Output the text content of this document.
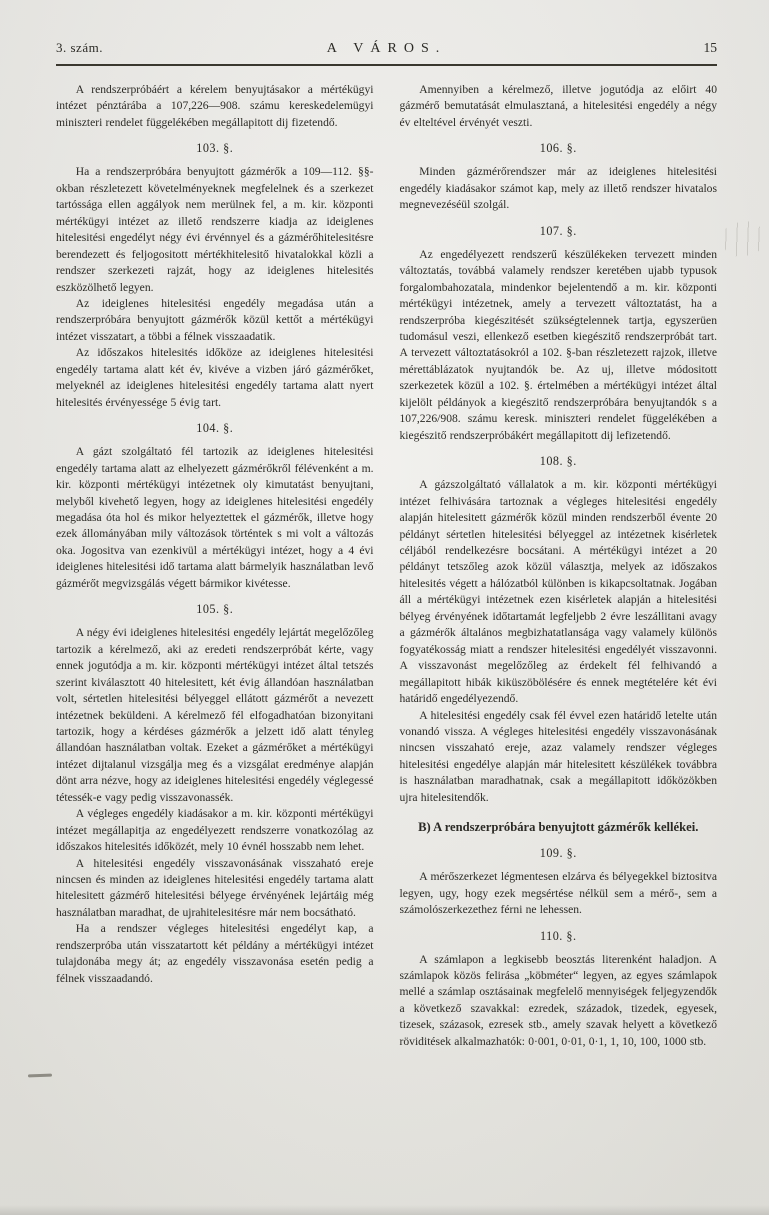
3. szám.	A VÁROS.	15

A rendszerpróbáért a kérelem benyujtásakor a mértékügyi intézet pénztárába a 107,226—908. számu kereskedelemügyi miniszteri rendelet függelékében megállapitott dij fizetendő.

103. §.

Ha a rendszerpróbára benyujtott gázmérők a 109—112. §§-okban részletezett követelményeknek megfelelnek és a szerkezet tartóssága ellen aggályok nem merülnek fel, a m. kir. központi mértékügyi intézet az illető rendszerre kiadja az ideiglenes hitelesitési engedélyt négy évi érvénnyel és a gázmérőhitelesitésre berendezett és feljogositott mértékhitelesitő hivatalokkal közli a rendszer szerkezeti rajzát, hogy az ideiglenes hitelesités eszközölhető legyen.

Az ideiglenes hitelesitési engedély megadása után a rendszerpróbára benyujtott gázmérők közül kettőt a mértékügyi intézet visszatart, a többi a félnek visszaadatik.

Az időszakos hitelesités időköze az ideiglenes hitelesitési engedély tartama alatt két év, kivéve a vizben járó gázmérőket, melyeknél az ideiglenes hitelesitési engedély tartama alatt nyert hitelesités érvényessége 5 évig tart.

104. §.

A gázt szolgáltató fél tartozik az ideiglenes hitelesitési engedély tartama alatt az elhelyezett gázmérőkről félévenként a m. kir. központi mértékügyi intézetnek oly kimutatást benyujtani, melyből kivehető legyen, hogy az ideiglenes hitelesitési engedély megadása óta hol és mikor helyeztettek el gázmérők, illetve hogy ezek állományában mily változások történtek s mi volt a változás oka. Jogositva van ezenkivül a mértékügyi intézet, hogy a 4 évi ideiglenes hitelesitési idő tartama alatt bármelyik használatban levő gázmérőt megvizsgálás végett bármikor kivétesse.

105. §.

A négy évi ideiglenes hitelesitési engedély lejártát megelőzőleg tartozik a kérelmező, aki az eredeti rendszerpróbát kérte, vagy ennek jogutódja a m. kir. központi mértékügyi intézet által tetszés szerint kiválasztott 40 hitelesitett, két évig állandóan használatban volt, sértetlen hitelesitési bélyeggel ellátott gázmérőt a nevezett intézetnek beküldeni. A kérelmező fél elfogadhatóan bizonyitani tartozik, hogy a kérdéses gázmérők a jelzett idő alatt tényleg állandóan használatban voltak. Ezeket a gázmérőket a mértékügyi intézet dijtalanul vizsgálja meg és a vizsgálat eredménye alapján dönt arra nézve, hogy az ideiglenes hitelesitési engedély véglegessé tétessék-e vagy pedig visszavonassék.

A végleges engedély kiadásakor a m. kir. központi mértékügyi intézet megállapitja az engedélyezett rendszerre vonatkozólag az időszakos hitelesités időközét, mely 10 évnél hosszabb nem lehet.

A hitelesitési engedély visszavonásának visszaható ereje nincsen és minden az ideiglenes hitelesitési engedély tartama alatt hitelesitett gázmérő hitelesitési bélyege érvényének lejártáig még használatban maradhat, de ujrahitelesitésre már nem bocsátható.

Ha a rendszer végleges hitelesitési engedélyt kap, a rendszerpróba után visszatartott két példány a mértékügyi intézet tulajdonába megy át; az engedély visszavonása esetén pedig a félnek visszaadandó.

Amennyiben a kérelmező, illetve jogutódja az előirt 40 gázmérő bemutatását elmulasztaná, a hitelesitési engedély a négy év elteltével érvényét veszti.

106. §.

Minden gázmérőrendszer már az ideiglenes hitelesitési engedély kiadásakor számot kap, mely az illető rendszer hivatalos megnevezéséül szolgál.

107. §.

Az engedélyezett rendszerű készülékeken tervezett minden változtatás, továbbá valamely rendszer keretében ujabb typusok forgalombahozatala, mindenkor bejelentendő a m. kir. központi mértékügyi intézetnek, amely a tervezett változtatást, ha a rendszerpróba kiegészitését szükségtelennek tartja, egyszerüen tudomásul veszi, ellenkező esetben kiegészitő rendszerpróbát tart. A tervezett változtatásokról a 102. §-ban részletezett rajzok, illetve mérettáblázatok nyujtandók be. Az uj, illetve módositott szerkezetek közül a 102. §. értelmében a mértékügyi intézet által kijelölt példányok a kiegészitő rendszerpróbára benyujtandók s a 107,226/908. számu keresk. miniszteri rendelet függelékében a kiegészitő rendszerpróbákért megállapitott dij lefizetendő.

108. §.

A gázszolgáltató vállalatok a m. kir. központi mértékügyi intézet felhivására tartoznak a végleges hitelesitési engedély alapján hitelesitett gázmérők közül minden rendszerből évente 20 példányt sértetlen hitelesitési bélyeggel az intézetnek kisérletek céljából rendelkezésre bocsátani. A mértékügyi intézet a 20 példányt tetszőleg azok közül választja, melyek az időszakos hitelesités végett a hálózatból különben is kikapcsoltatnak. Jogában áll a mértékügyi intézetnek ezen kisérletek alapján a hitelesitési bélyeg érvényének időtartamát legfeljebb 2 évre leszállitani avagy a gázmérők általános megbizhatatlansága vagy valamely különös fogyatékosság miatt a rendszer hitelesitési engedélyét visszavonni. A visszavonást megelőzőleg az érdekelt fél felhivandó a megállapitott hibák kiküszöbölésére és ennek megtételére két évi határidő engedélyezendő.

A hitelesitési engedély csak fél évvel ezen határidő letelte után vonandó vissza. A végleges hitelesitési engedély visszavonásának nincsen visszaható ereje, azaz valamely rendszer végleges hitelesitési engedélye alapján már hitelesitett készülékek továbbra is használatban maradhatnak, csak a megállapitott időközökben ujra hitelesitendők.

B) A rendszerpróbára benyujtott gázmérők kellékei.
109. §.

A mérőszerkezet légmentesen elzárva és bélyegekkel biztositva legyen, ugy, hogy ezek megsértése nélkül sem a mérő-, sem a számolószerkezethez férni ne lehessen.

110. §.

A számlapon a legkisebb beosztás literenként haladjon. A számlapok közös felirása „köbméter“ legyen, az egyes számlapok mellé a számlap osztásainak megfelelő mennyiségek feljegyzendők a következő szavakkal: ezredek, századok, tizedek, egyesek, tizesek, százasok, ezresek stb., amely szavak helyett a következő röviditések alkalmazhatók: 0·001, 0·01, 0·1, 1, 10, 100, 1000 stb.
